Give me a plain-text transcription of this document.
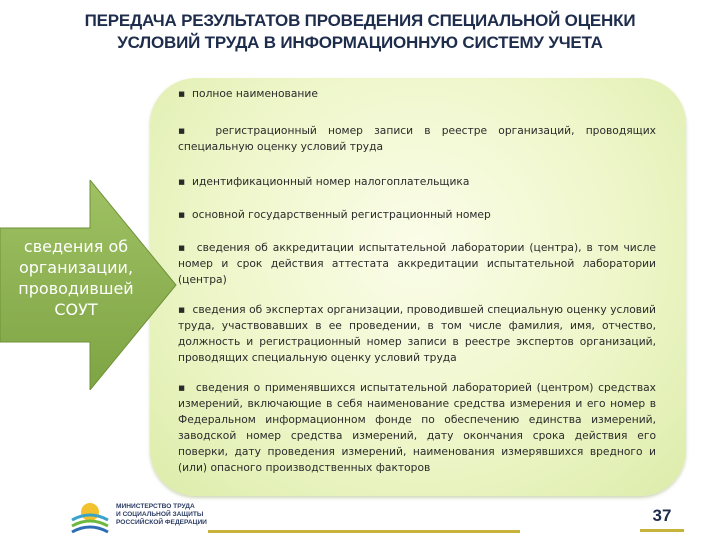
ПЕРЕДАЧА РЕЗУЛЬТАТОВ ПРОВЕДЕНИЯ СПЕЦИАЛЬНОЙ ОЦЕНКИ
УСЛОВИЙ ТРУДА В ИНФОРМАЦИОННУЮ СИСТЕМУ УЧЕТА
сведения об организации, проводившей СОУТ
▪ полное наименование
▪ регистрационный номер записи в реестре организаций, проводящих специальную оценку условий труда
▪ идентификационный номер налогоплательщика
▪ основной государственный регистрационный номер
▪ сведения об аккредитации испытательной лаборатории (центра), в том числе номер и срок действия аттестата аккредитации испытательной лаборатории (центра)
▪ сведения об экспертах организации, проводившей специальную оценку условий труда, участвовавших в ее проведении, в том числе фамилия, имя, отчество, должность и регистрационный номер записи в реестре экспертов организаций, проводящих специальную оценку условий труда
▪ сведения о применявшихся испытательной лабораторией (центром) средствах измерений, включающие в себя наименование средства измерения и его номер в Федеральном информационном фонде по обеспечению единства измерений, заводской номер средства измерений, дату окончания срока действия его поверки, дату проведения измерений, наименования измерявшихся вредного и (или) опасного производственных факторов
МИНИСТЕРСТВО ТРУДА
И СОЦИАЛЬНОЙ ЗАЩИТЫ
РОССИЙСКОЙ ФЕДЕРАЦИИ	37
